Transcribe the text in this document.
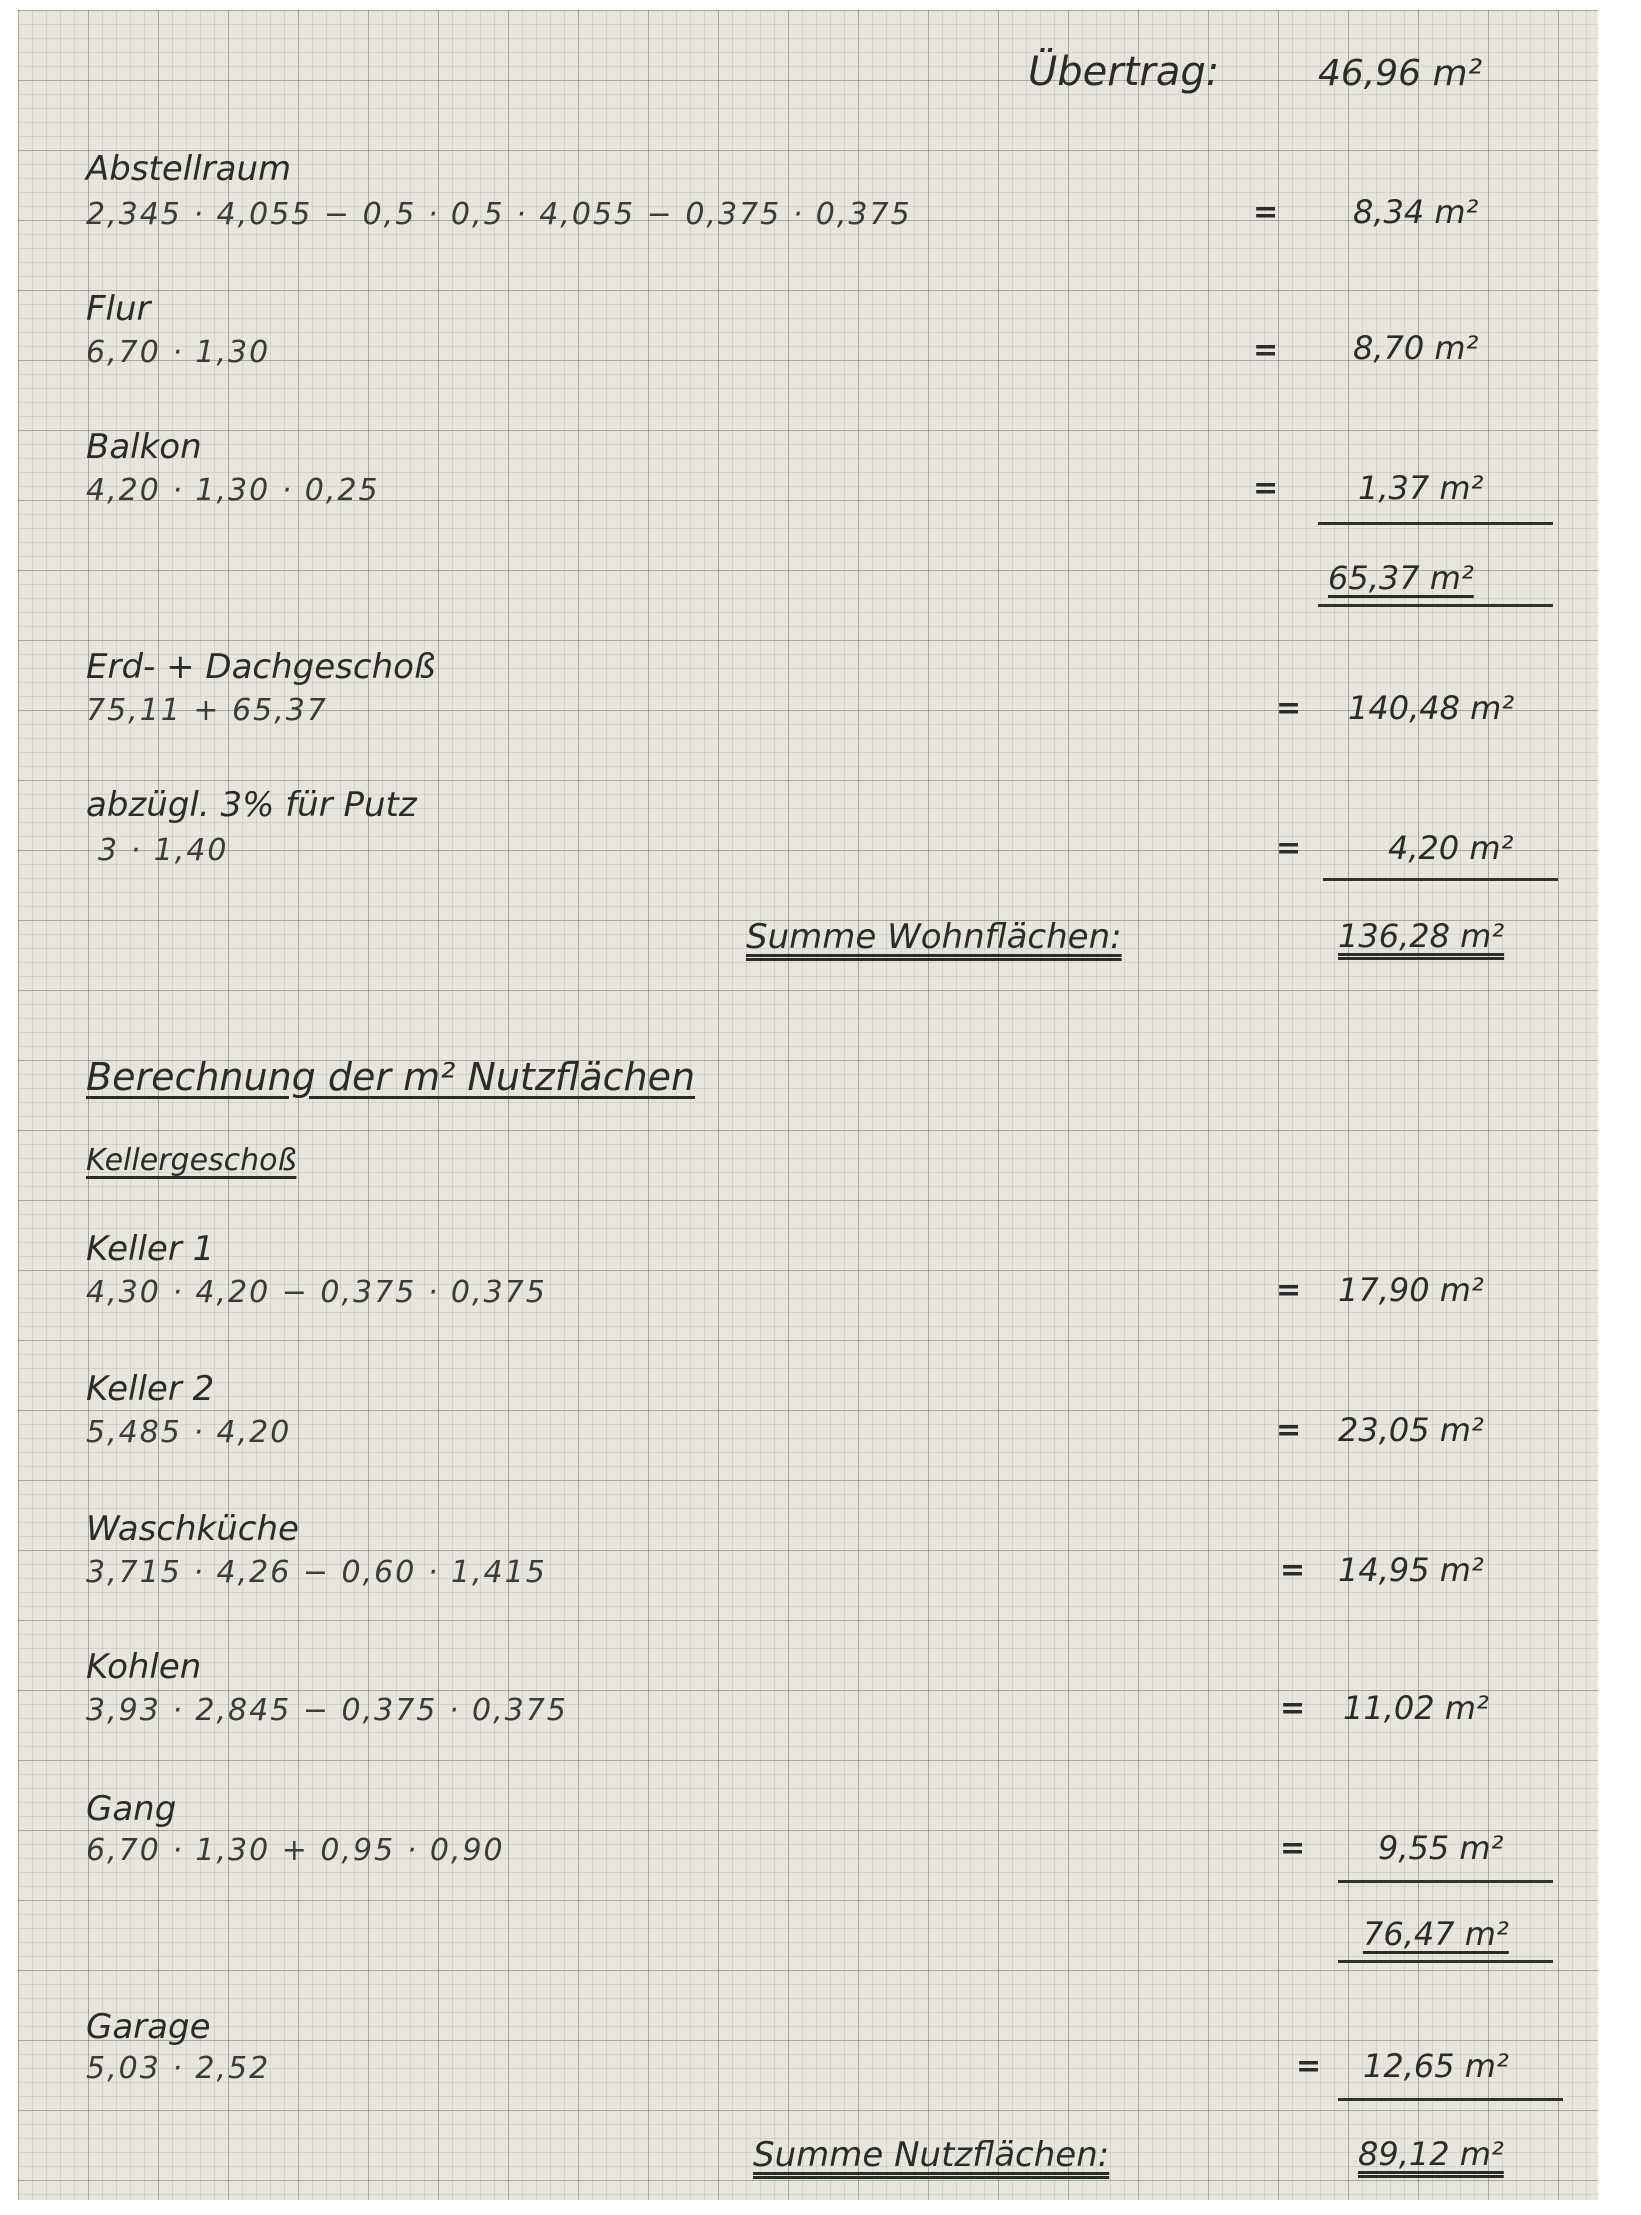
Übertrag:	46,96 m²
Abstellraum
2,345 · 4,055 − 0,5 · 0,5 · 4,055 − 0,375 · 0,375	= 8,34 m²
Flur
6,70 · 1,30	= 8,70 m²
Balkon
4,20 · 1,30 · 0,25	= 1,37 m²
65,37 m²
Erd- + Dachgeschoß
75,11 + 65,37	= 140,48 m²
abzügl. 3% für Putz
3 · 1,40	=	4,20 m²
Summe Wohnflächen:	136,28 m²
Berechnung der m² Nutzflächen
Kellergeschoß
Keller 1
4,30 · 4,20 − 0,375 · 0,375	= 17,90 m²
Keller 2
5,485 · 4,20	= 23,05 m²
Waschküche
3,715 · 4,26 − 0,60 · 1,415	= 14,95 m²
Kohlen
3,93 · 2,845 − 0,375 · 0,375	= 11,02 m²
Gang
6,70 · 1,30 + 0,95 · 0,90	= 9,55 m²
76,47 m²
Garage
5,03 · 2,52	= 12,65 m²
Summe Nutzflächen:	89,12 m²
